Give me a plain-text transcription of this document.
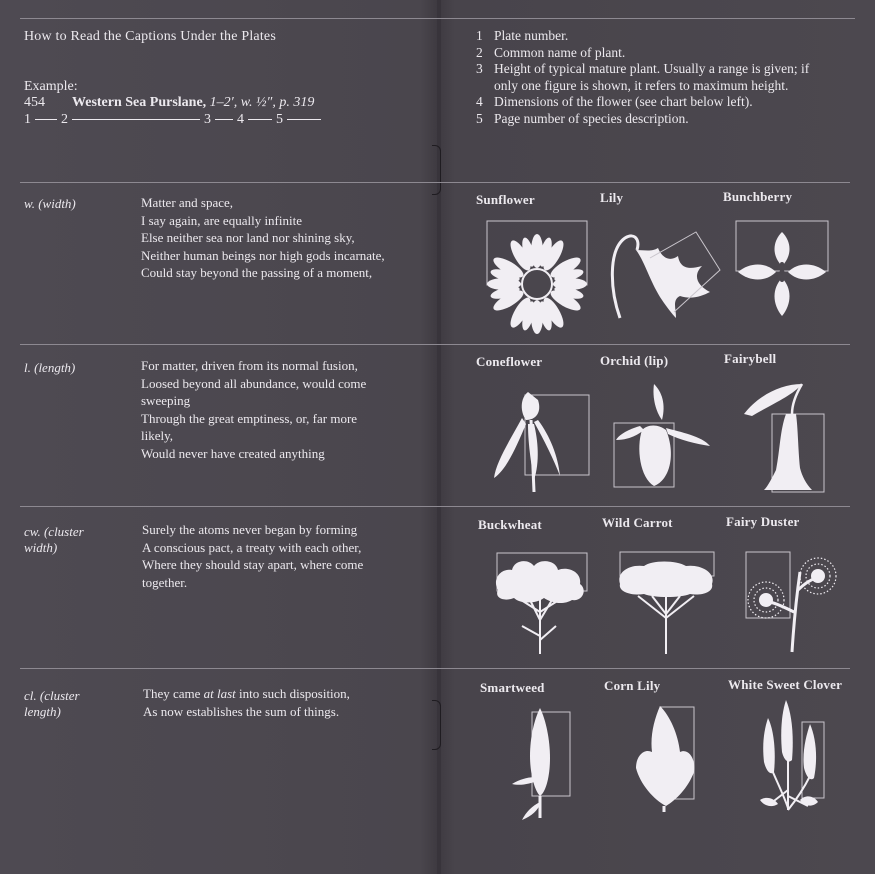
How to Read the Captions Under the Plates
Example:
454 Western Sea Purslane, 1–2′, w. ½″, p. 319
1 2	3 4 5
1 Plate number.
2 Common name of plant.
3 Height of typical mature plant. Usually a range is given; if only one figure is shown, it refers to maximum height.
4 Dimensions of the flower (see chart below left).
5 Page number of species description.
w. (width)	Matter and space,
I say again, are equally infinite
Else neither sea nor land nor shining sky,
Neither human beings nor high gods incarnate,
Could stay beyond the passing of a moment,
Sunflower	Lily	Bunchberry
l. (length)	For matter, driven from its normal fusion,
Loosed beyond all abundance, would come
sweeping
Through the great emptiness, or, far more
likely,
Would never have created anything
Coneflower	Orchid (lip)	Fairybell
cw. (cluster width)
Surely the atoms never began by forming
A conscious pact, a treaty with each other,
Where they should stay apart, where come
together.
Buckwheat	Wild Carrot	Fairy Duster
cl. (cluster length)
They came at last into such disposition,
As now establishes the sum of things.
Smartweed	Corn Lily	White Sweet Clover
